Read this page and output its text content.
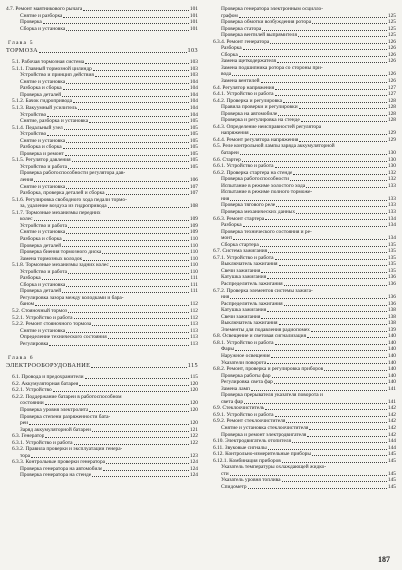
4.7. Ремонт маятникового рычага	101
Снятие и разборка	101
Проверка	101
Сборка и установка	101
Глава 5
ТОРМОЗА	103
5.1. Рабочая тормозная система	103
5.1.1. Главный тормозной цилиндр	103
Устройство и принцип действия	103
Снятие и установка	104
Разборка и сборка	104
Проверка деталей	104
5.1.2. Бачок гидропривода	104
5.1.3. Вакуумный усилитель	104
Устройство	104
Снятие, разборка и установка	105
5.1.4. Педальный узел	105
Устройство	105
Снятие и установка	105
Разборка и сборка	105
Проверка и ремонт	105
5.1.5. Регулятор давления	105
Устройство и работа	105
Проверка работоспособности регулятора дав-
ления	106
Снятие и установка	107
Разборка, проверка деталей и сборка	107
5.1.6. Регулировка свободного хода педали тормо-
за, удаление воздуха из гидропривода	108
5.1.7. Тормозные механизмы передних
колес	109
Устройство и работа	109
Снятие и установка	109
Разборка и сборка	110
Проверка деталей	110
Проверка биения тормозного диска	110
Замена тормозных колодок	110
5.1.8. Тормозные механизмы задних колес	110
Устройство и работа	110
Разборка	111
Сборка и установка	111
Проверка деталей	111
Регулировка зазора между колодками и бара-
баном	112
5.2. Стояночный тормоз	112
5.2.1. Устройство и работа	112
5.2.2. Ремонт стояночного тормоза	113
Снятие и установка	113
Определение технического состояния	113
Регулировка	113
Глава 6
ЭЛЕКТРООБОРУДОВАНИЕ	115
6.1. Провода и предохранители	115
6.2. Аккумуляторная батарея	120
6.2.1. Устройство	120
6.2.2. Поддержание батареи в работоспособном
состоянии	120
Проверка уровня электролита	120
Проверка степени разряженности бата-
реи	120
Заряд аккумуляторной батареи	121
6.3. Генератор	122
6.3.1. Устройство и работа	122
6.3.2. Правила проверки и эксплуатации генера-
тора	123
6.3.3. Контрольные проверки генератора	124
Проверка генератора на автомобиле	124
Проверка генератора на стенде	124
Проверка генератора электронным осцилло-
графом	125
Проверка обмотки возбуждения ротора	125
Проверка статора	125
Проверка вентилей выпрямителя	125
6.3.4. Ремонт генератора	126
Разборка	126
Сборка	126
Замена щеткодержателя	126
Замена подшипника ротора со стороны при-
вода	126
Замена вентилей	126
6.4. Регулятор напряжения	127
6.4.1. Устройство и работа	127
6.4.2. Проверка и регулировка	128
Правила проверки и регулировки	128
Проверка на автомобиле	128
Проверка и регулировка на стенде	128
6.4.3. Определение неисправностей регулятора
напряжения	129
6.4.4. Ремонт регулятора напряжения	129
6.5. Реле контрольной лампы заряда аккумуляторной
батареи	130
6.6. Стартер	130
6.6.1. Устройство и работа	130
6.6.2. Проверка стартера на стенде	132
Проверка работоспособности	132
Испытание в режиме холостого хода	133
Испытание в режиме полного торможе-
ния	133
Проверка тягового реле	133
Проверка механических данных	133
6.6.3. Ремонт стартера	134
Разборка	134
Проверка технического состояния и ре-
монт	134
Сборка стартера	135
6.7. Система зажигания	135
6.7.1. Устройство и работа	135
Выключатель зажигания	135
Свечи зажигания	135
Катушка зажигания	136
Распределитель зажигания	136
6.7.2. Проверка элементов системы зажига-
ния	136
Распределитель зажигания	136
Катушка зажигания	138
Свечи зажигания	138
Выключатель зажигания	138
Элементы для подавления радиопомех	139
6.8. Освещение и световая сигнализация	140
6.8.1. Устройство и работа	140
Фары	140
Наружное освещение	140
Указатели поворота	140
6.8.2. Ремонт, проверка и регулировка приборов	140
Проверка работы фар	140
Регулировка света фар	140
Замена ламп	141
Проверка прерывателя указателя поворота и
света фар	141
6.9. Стеклоочиститель	142
6.9.1. Устройство и работа	142
6.9.2. Ремонт стеклоочистителя	142
Снятие и установка стеклоочистителя	142
Проверка и ремонт электродвигателя	142
6.10. Электродвигатель отопителя	144
6.11. Звуковые сигналы	144
6.12. Контрольно-измерительные приборы	145
6.12.1. Комбинация приборов	145
Указатель температуры охлаждающей жидко-
сти	145
Указатель уровня топлива	145
Спидометр	145
187
